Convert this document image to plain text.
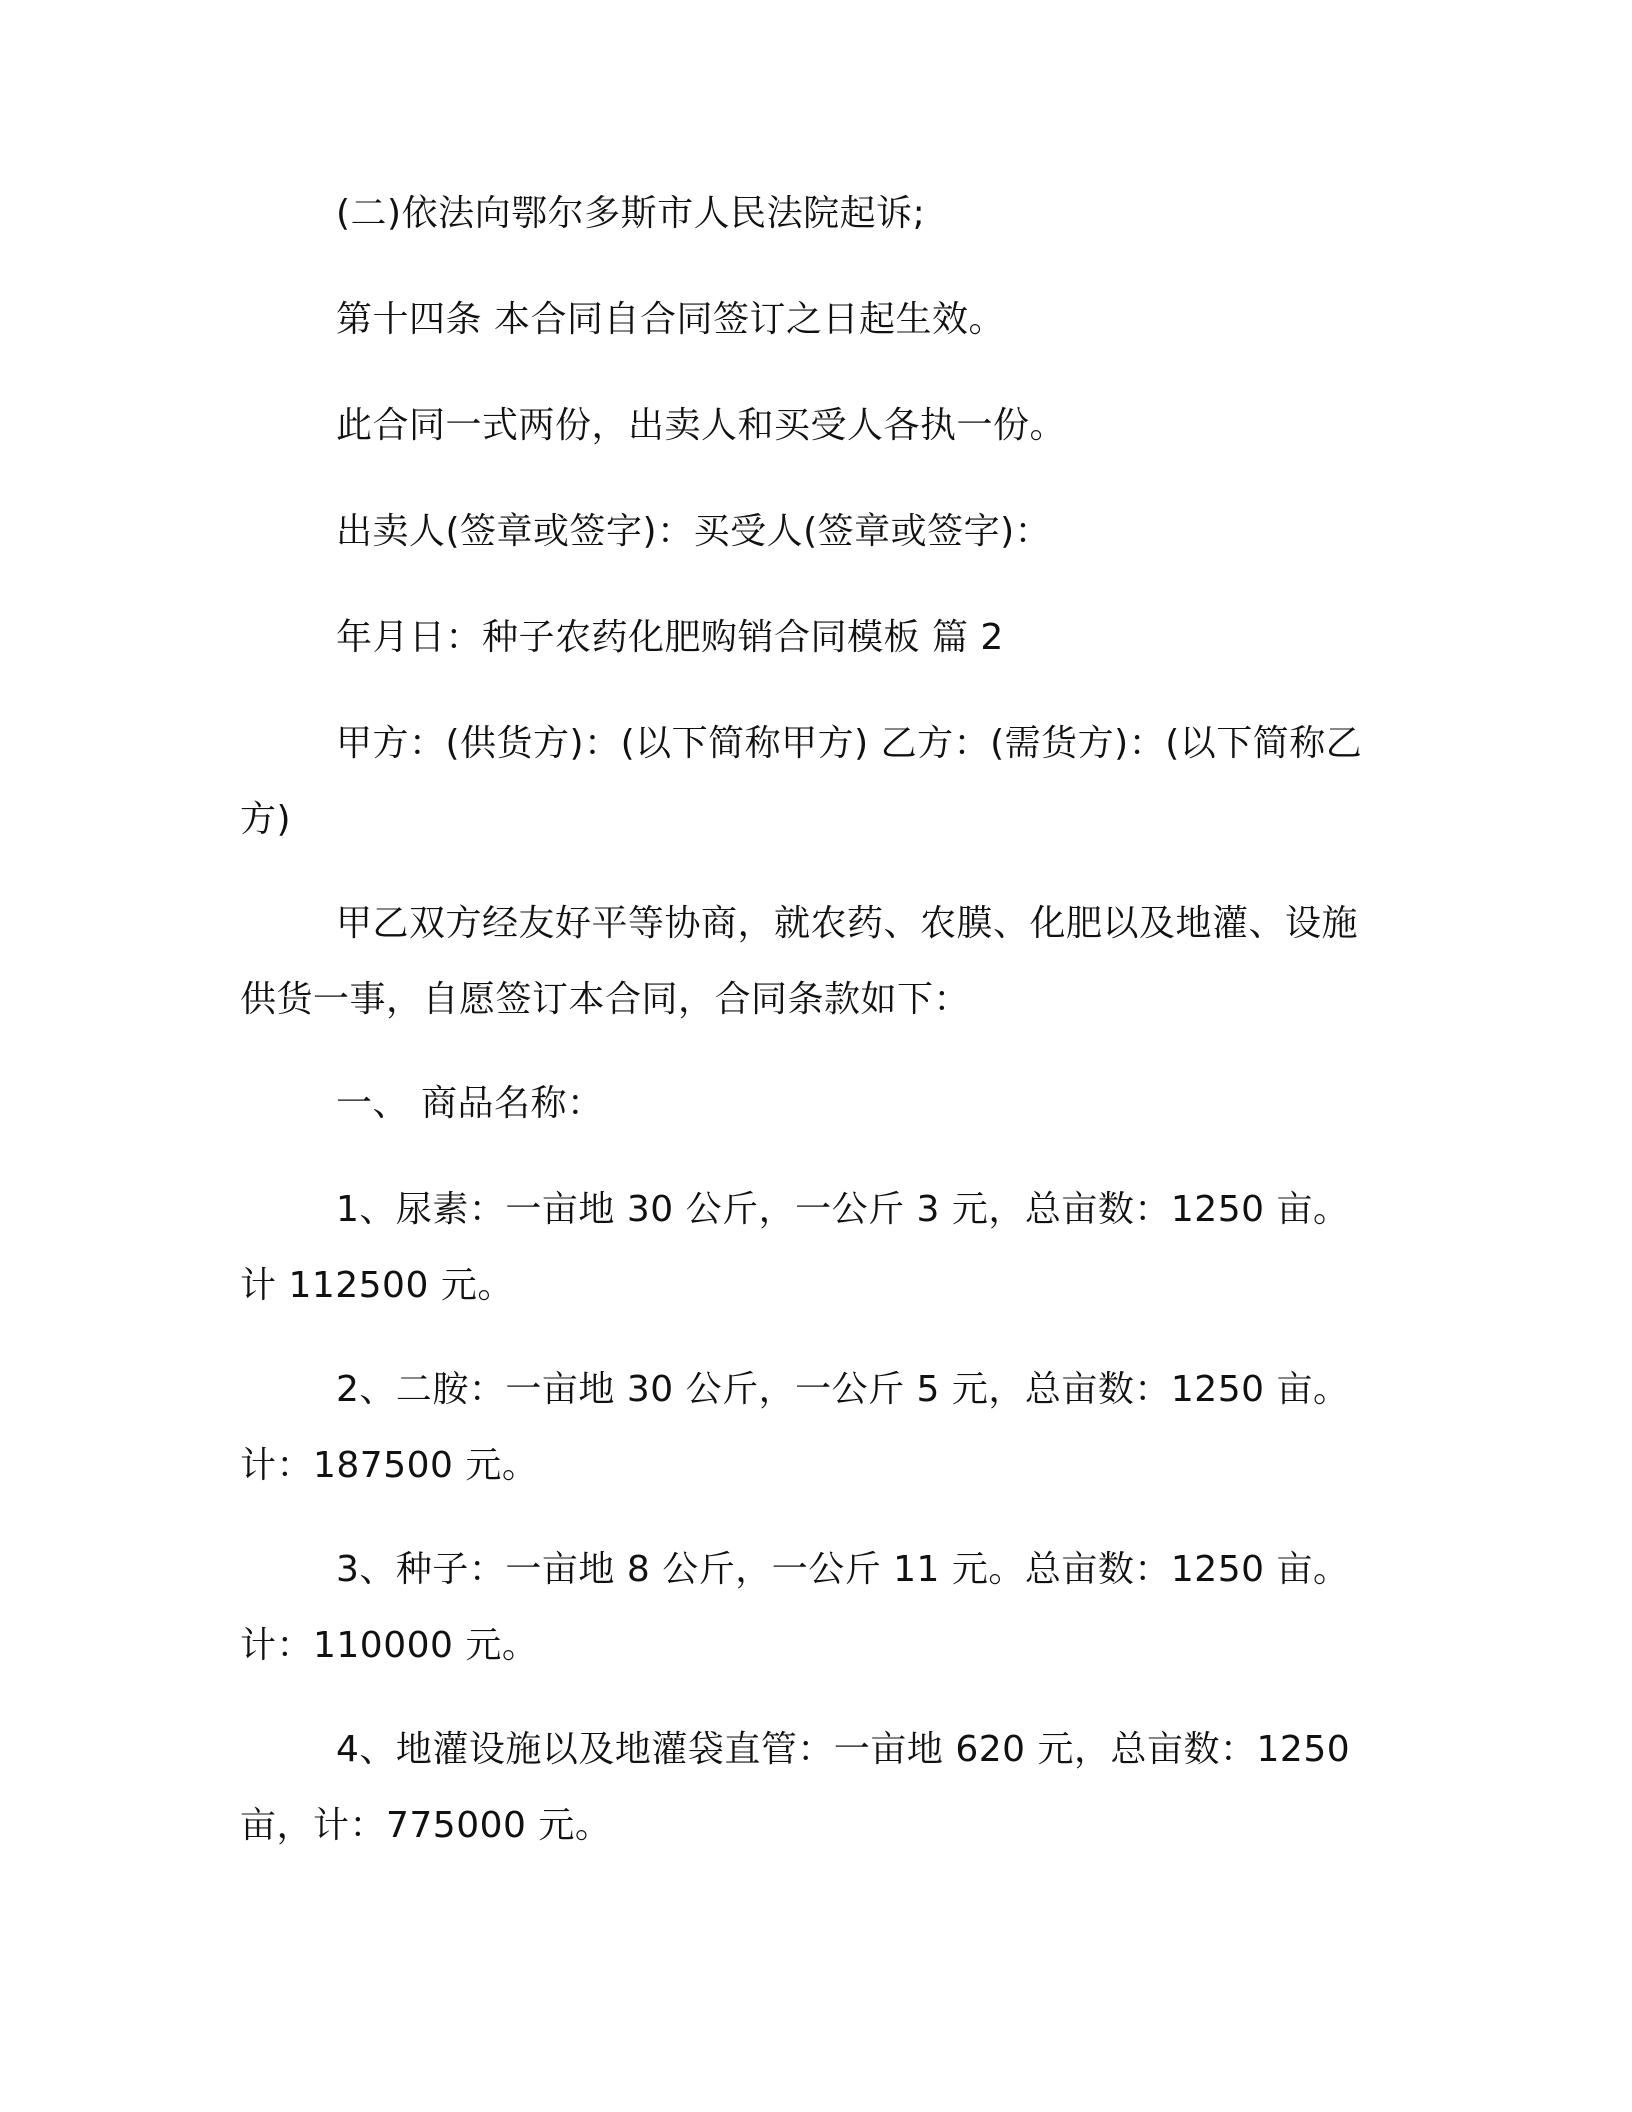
(二)依法向鄂尔多斯市人民法院起诉;

第十四条 本合同自合同签订之日起生效。

此合同一式两份，出卖人和买受人各执一份。

出卖人(签章或签字)：买受人(签章或签字)：

年月日：种子农药化肥购销合同模板 篇 2

甲方：(供货方)：(以下简称甲方) 乙方：(需货方)：(以下简称乙方)

甲乙双方经友好平等协商，就农药、农膜、化肥以及地灌、设施供货一事，自愿签订本合同，合同条款如下：

一、 商品名称：

1、尿素：一亩地 30 公斤，一公斤 3 元，总亩数：1250 亩。 计 112500 元。

2、二胺：一亩地 30 公斤，一公斤 5 元，总亩数：1250 亩。计：187500 元。

3、种子：一亩地 8 公斤，一公斤 11 元。总亩数：1250 亩。计：110000 元。

4、地灌设施以及地灌袋直管：一亩地 620 元，总亩数：1250 亩，计：775000 元。
